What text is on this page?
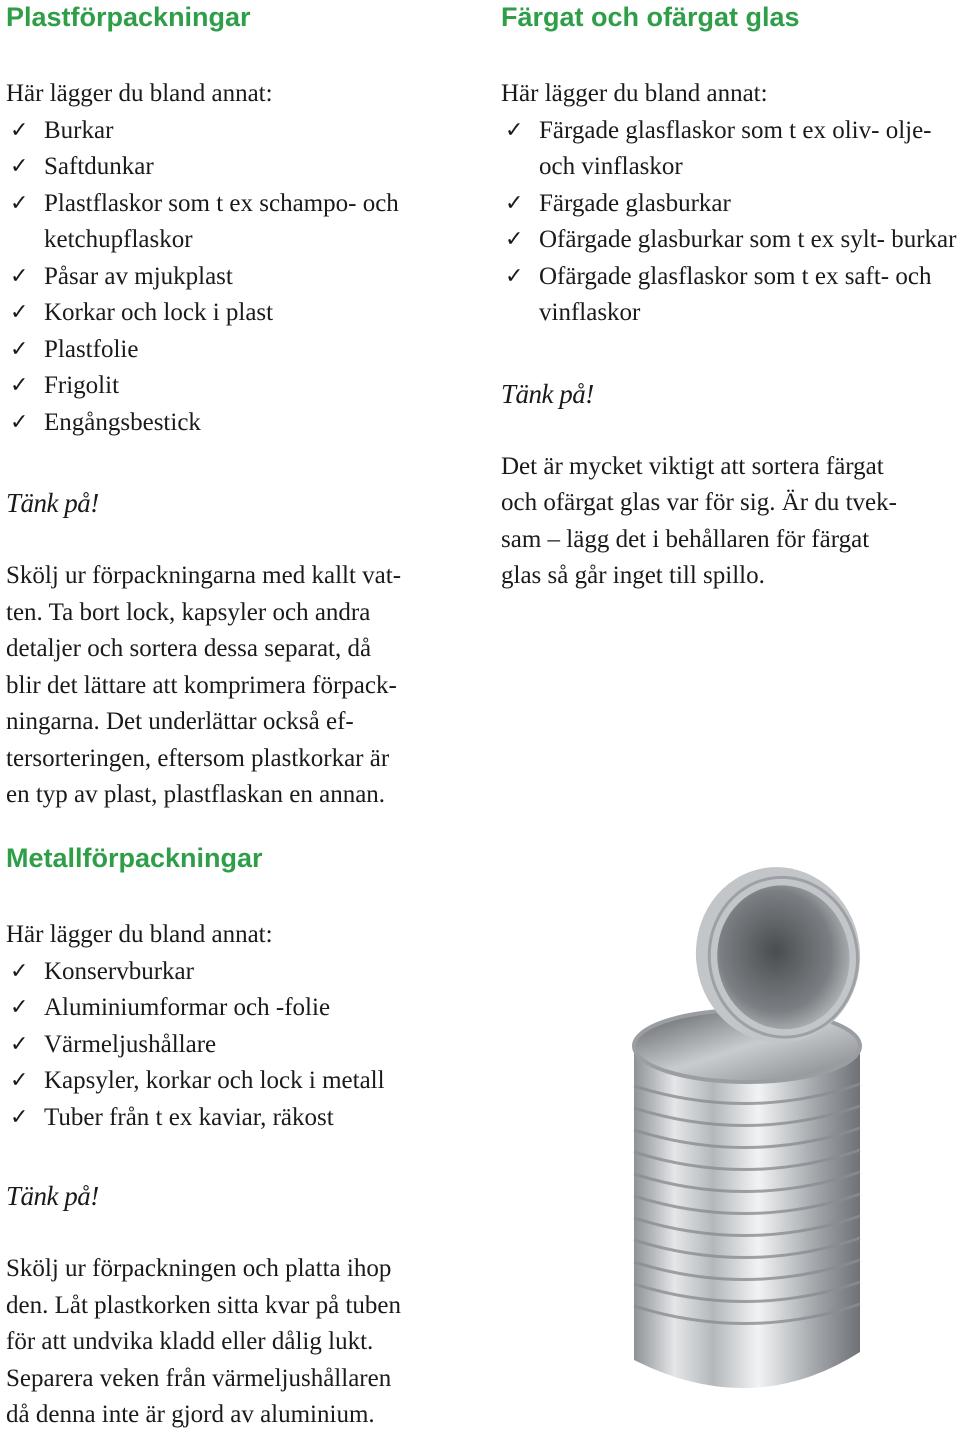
Plastförpackningar

Här lägger du bland annat:

✓ Burkar
✓ Saftdunkar
✓ Plastflaskor som t ex schampo- och ketchupflaskor
✓ Påsar av mjukplast
✓ Korkar och lock i plast
✓ Plastfolie
✓ Frigolit
✓ Engångsbestick

Tänk på!

Skölj ur förpackningarna med kallt vat-
ten. Ta bort lock, kapsyler och andra
detaljer och sortera dessa separat, då
blir det lättare att komprimera förpack-
ningarna. Det underlättar också ef-
tersorteringen, eftersom plastkorkar är
en typ av plast, plastflaskan en annan.
Färgat och ofärgat glas

Här lägger du bland annat:

✓ Färgade glasflaskor som t ex oliv- olje- och vinflaskor
✓ Färgade glasburkar
✓ Ofärgade glasburkar som t ex sylt- burkar
✓ Ofärgade glasflaskor som t ex saft- och vinflaskor

Tänk på!

Det är mycket viktigt att sortera färgat
och ofärgat glas var för sig. Är du tvek-
sam – lägg det i behållaren för färgat
glas så går inget till spillo.
Metallförpackningar

Här lägger du bland annat:

✓ Konservburkar
✓ Aluminiumformar och -folie
✓ Värmeljushållare
✓ Kapsyler, korkar och lock i metall
✓ Tuber från t ex kaviar, räkost

Tänk på!

Skölj ur förpackningen och platta ihop
den. Låt plastkorken sitta kvar på tuben
för att undvika kladd eller dålig lukt.
Separera veken från värmeljushållaren
då denna inte är gjord av aluminium.
